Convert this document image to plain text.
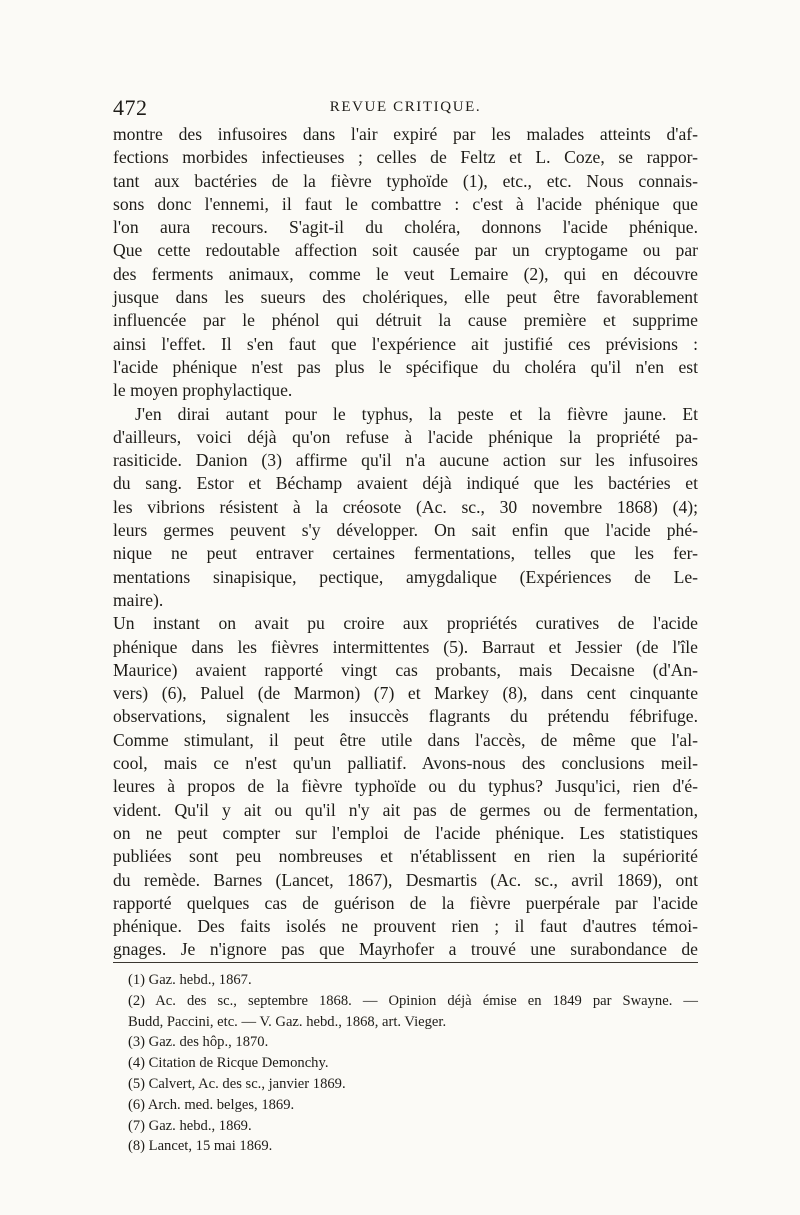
472	REVUE CRITIQUE.
montre des infusoires dans l'air expiré par les malades atteints d'af-
fections morbides infectieuses ; celles de Feltz et L. Coze, se rappor-
tant aux bactéries de la fièvre typhoïde (1), etc., etc. Nous connais-
sons donc l'ennemi, il faut le combattre : c'est à l'acide phénique que
l'on aura recours. S'agit-il du choléra, donnons l'acide phénique.
Que cette redoutable affection soit causée par un cryptogame ou par
des ferments animaux, comme le veut Lemaire (2), qui en découvre
jusque dans les sueurs des cholériques, elle peut être favorablement
influencée par le phénol qui détruit la cause première et supprime
ainsi l'effet. Il s'en faut que l'expérience ait justifié ces prévisions :
l'acide phénique n'est pas plus le spécifique du choléra qu'il n'en est
le moyen prophylactique.
J'en dirai autant pour le typhus, la peste et la fièvre jaune. Et
d'ailleurs, voici déjà qu'on refuse à l'acide phénique la propriété pa-
rasiticide. Danion (3) affirme qu'il n'a aucune action sur les infusoires
du sang. Estor et Béchamp avaient déjà indiqué que les bactéries et
les vibrions résistent à la créosote (Ac. sc., 30 novembre 1868) (4);
leurs germes peuvent s'y développer. On sait enfin que l'acide phé-
nique ne peut entraver certaines fermentations, telles que les fer-
mentations sinapisique, pectique, amygdalique (Expériences de Le-
maire).
Un instant on avait pu croire aux propriétés curatives de l'acide
phénique dans les fièvres intermittentes (5). Barraut et Jessier (de l'île
Maurice) avaient rapporté vingt cas probants, mais Decaisne (d'An-
vers) (6), Paluel (de Marmon) (7) et Markey (8), dans cent cinquante
observations, signalent les insuccès flagrants du prétendu fébrifuge.
Comme stimulant, il peut être utile dans l'accès, de même que l'al-
cool, mais ce n'est qu'un palliatif. Avons-nous des conclusions meil-
leures à propos de la fièvre typhoïde ou du typhus? Jusqu'ici, rien d'é-
vident. Qu'il y ait ou qu'il n'y ait pas de germes ou de fermentation,
on ne peut compter sur l'emploi de l'acide phénique. Les statistiques
publiées sont peu nombreuses et n'établissent en rien la supériorité
du remède. Barnes (Lancet, 1867), Desmartis (Ac. sc., avril 1869), ont
rapporté quelques cas de guérison de la fièvre puerpérale par l'acide
phénique. Des faits isolés ne prouvent rien ; il faut d'autres témoi-
gnages. Je n'ignore pas que Mayrhofer a trouvé une surabondance de
(1) Gaz. hebd., 1867.
(2) Ac. des sc., septembre 1868. — Opinion déjà émise en 1849 par Swayne. —
Budd, Paccini, etc. — V. Gaz. hebd., 1868, art. Vieger.
(3) Gaz. des hôp., 1870.
(4) Citation de Ricque Demonchy.
(5) Calvert, Ac. des sc., janvier 1869.
(6) Arch. med. belges, 1869.
(7) Gaz. hebd., 1869.
(8) Lancet, 15 mai 1869.
